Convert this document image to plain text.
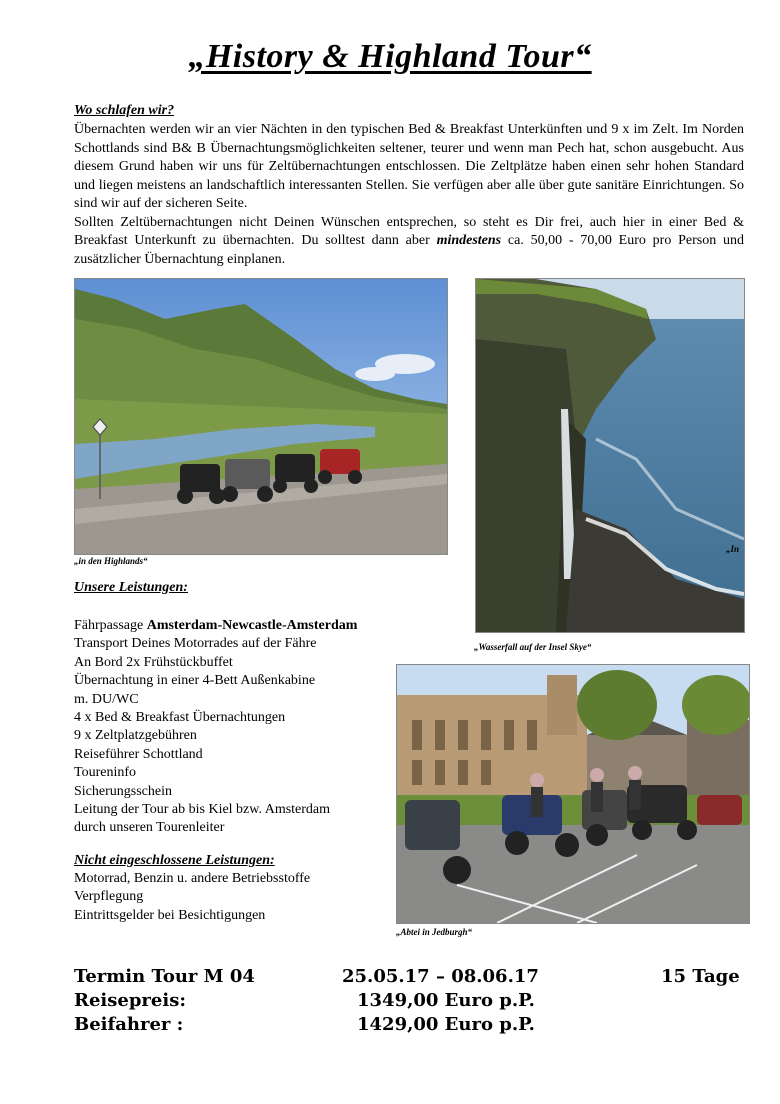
„History & Highland Tour“
Wo schlafen wir?

Übernachten werden wir an vier Nächten in den typischen Bed & Breakfast Unterkünften und 9 x im Zelt. Im Norden Schottlands sind B& B Übernachtungsmöglichkeiten seltener, teurer und wenn man Pech hat, schon ausgebucht. Aus diesem Grund haben wir uns für Zeltübernachtungen entschlossen. Die Zeltplätze haben einen sehr hohen Standard und liegen meistens an landschaftlich interessanten Stellen. Sie verfügen aber alle über gute sanitäre Einrichtungen. So sind wir auf der sicheren Seite.

Sollten Zeltübernachtungen nicht Deinen Wünschen entsprechen, so steht es Dir frei, auch hier in einer Bed & Breakfast Unterkunft zu übernachten. Du solltest dann aber mindestens ca. 50,00 - 70,00 Euro pro Person und zusätzlicher Übernachtung einplanen.

„in den Highlands“
„In
„Wasserfall auf der Insel Skye“
Unsere Leistungen:
Fährpassage Amsterdam-Newcastle-Amsterdam
Transport Deines Motorrades auf der Fähre
An Bord 2x Frühstückbuffet
Übernachtung in einer 4-Bett Außenkabine
m. DU/WC
4 x Bed & Breakfast Übernachtungen
9 x Zeltplatzgebühren
Reiseführer Schottland
Toureninfo
Sicherungsschein
Leitung der Tour ab bis Kiel bzw. Amsterdam
durch unseren Tourenleiter
Nicht eingeschlossene Leistungen:
Motorrad, Benzin u. andere Betriebsstoffe
Verpflegung
Eintrittsgelder bei Besichtigungen
„Abtei in Jedburgh“
Termin Tour M 04	25.05.17 – 08.06.17	15 Tage
Reisepreis:	1349,00 Euro p.P.
Beifahrer :	1429,00 Euro p.P.
